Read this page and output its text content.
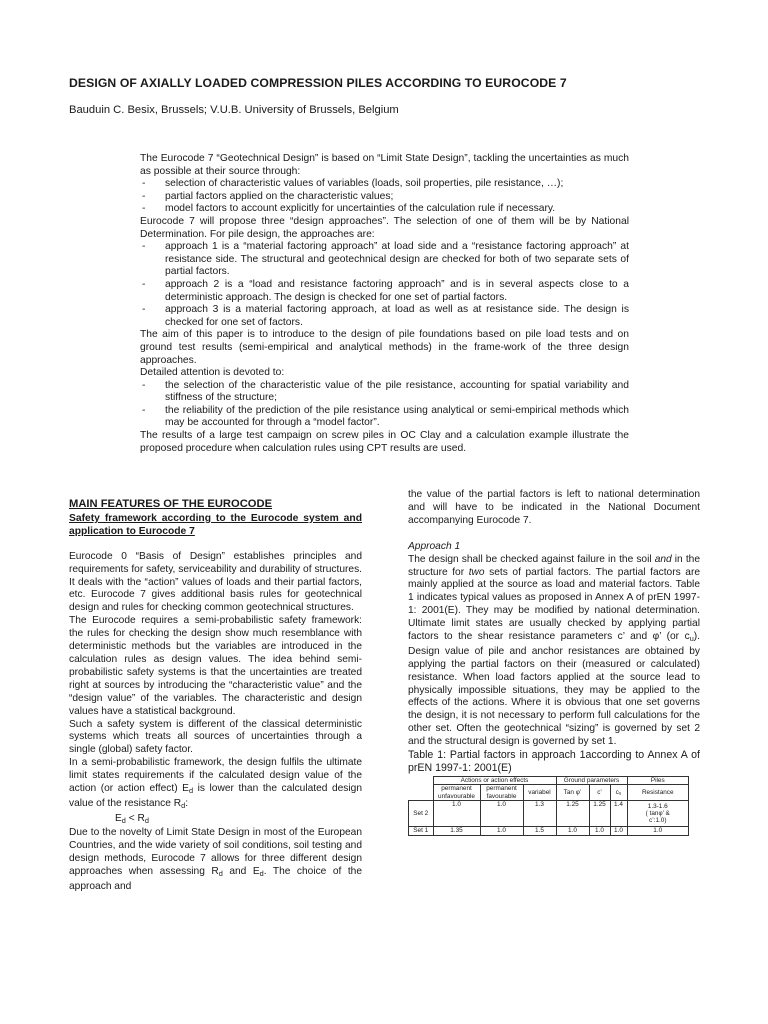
DESIGN OF AXIALLY LOADED COMPRESSION PILES ACCORDING TO EUROCODE 7
Bauduin C. Besix, Brussels; V.U.B. University of Brussels, Belgium

The Eurocode 7 “Geotechnical Design” is based on “Limit State Design”, tackling the uncertainties as much as possible at their source through:

- selection of characteristic values of variables (loads, soil properties, pile resistance, …);
- partial factors applied on the characteristic values;
- model factors to account explicitly for uncertainties of the calculation rule if necessary.

Eurocode 7 will propose three “design approaches”. The selection of one of them will be by National Determination. For pile design, the approaches are:

- approach 1 is a “material factoring approach” at load side and a “resistance factoring approach” at resistance side. The structural and geotechnical design are checked for both of two separate sets of partial factors.
- approach 2 is a “load and resistance factoring approach” and is in several aspects close to a deterministic approach. The design is checked for one set of partial factors.
- approach 3 is a material factoring approach, at load as well as at resistance side. The design is checked for one set of factors.

The aim of this paper is to introduce to the design of pile foundations based on pile load tests and on ground test results (semi-empirical and analytical methods) in the frame-work of the three design approaches.

Detailed attention is devoted to:

- the selection of the characteristic value of the pile resistance, accounting for spatial variability and stiffness of the structure;
- the reliability of the prediction of the pile resistance using analytical or semi-empirical methods which may be accounted for through a “model factor”.

The results of a large test campaign on screw piles in OC Clay and a calculation example illustrate the proposed procedure when calculation rules using CPT results are used.

MAIN FEATURES OF THE EUROCODE
Safety framework according to the Eurocode system and application to Eurocode 7

Eurocode 0 “Basis of Design” establishes principles and requirements for safety, serviceability and durability of structures. It deals with the “action” values of loads and their partial factors, etc. Eurocode 7 gives additional basis rules for geotechnical design and rules for checking common geotechnical structures.

The Eurocode requires a semi-probabilistic safety framework: the rules for checking the design show much resemblance with deterministic methods but the variables are introduced in the calculation rules as design values. The idea behind semi-probabilistic safety systems is that the uncertainties are treated right at sources by introducing the “characteristic value” and the “design value” of the variables. The characteristic and design values have a statistical background.

Such a safety system is different of the classical deterministic systems which treats all sources of uncertainties through a single (global) safety factor.

In a semi-probabilistic framework, the design fulfils the ultimate limit states requirements if the calculated design value of the action (or action effect) $E_d$ is lower than the calculated design value of the resistance $R_d$:

$E_d < R_d$

Due to the novelty of Limit State Design in most of the European Countries, and the wide variety of soil conditions, soil testing and design methods, Eurocode 7 allows for three different design approaches when assessing $R_d$ and $E_d$. The choice of the approach and

the value of the partial factors is left to national determination and will have to be indicated in the National Document accompanying Eurocode 7.

Approach 1

The design shall be checked against failure in the soil and in the structure for two sets of partial factors. The partial factors are mainly applied at the source as load and material factors. Table 1 indicates typical values as proposed in Annex A of prEN 1997-1: 2001(E). They may be modified by national determination. Ultimate limit states are usually checked by applying partial factors to the shear resistance parameters c’ and φ’ (or $c_u$). Design value of pile and anchor resistances are obtained by applying the partial factors on their (measured or calculated) resistance. When load factors applied at the source lead to physically impossible situations, they may be applied to the effects of the actions. Where it is obvious that one set governs the design, it is not necessary to perform full calculations for the other set. Often the geotechnical “sizing” is governed by set 2 and the structural design is governed by set 1.

Table 1: Partial factors in approach 1according to Annex A of prEN 1997-1: 2001(E)

	Actions or action effects			Ground parameters			Piles
	permanent unfavourable	permanent favourable	variabel	Tan φ’	c’	cᵤ	Resistance
Set 2	1.0	1.0	1.3	1.25	1.25	1.4	1.3-1.6
( tanφ’ &
c’:1.0)

Set 1	1.35	1.0	1.5	1.0	1.0	1.0	1.0
